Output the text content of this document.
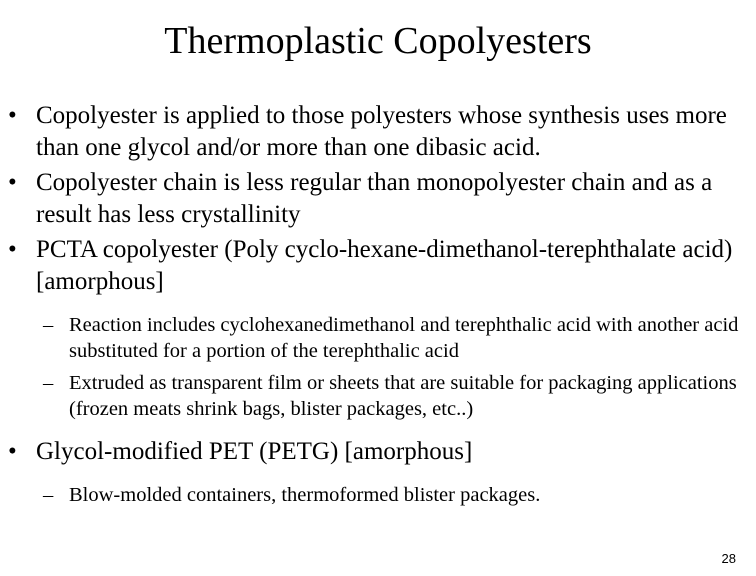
Thermoplastic Copolyesters
• Copolyester is applied to those polyesters whose synthesis uses more than one glycol and/or more than one dibasic acid.
• Copolyester chain is less regular than monopolyester chain and as a result has less crystallinity
• PCTA copolyester (Poly cyclo-hexane-dimethanol-terephthalate acid) [amorphous]
– Reaction includes cyclohexanedimethanol and terephthalic acid with another acid substituted for a portion of the terephthalic acid
– Extruded as transparent film or sheets that are suitable for packaging applications (frozen meats shrink bags, blister packages, etc..)
• Glycol-modified PET (PETG) [amorphous]
– Blow-molded containers, thermoformed blister packages.
28
